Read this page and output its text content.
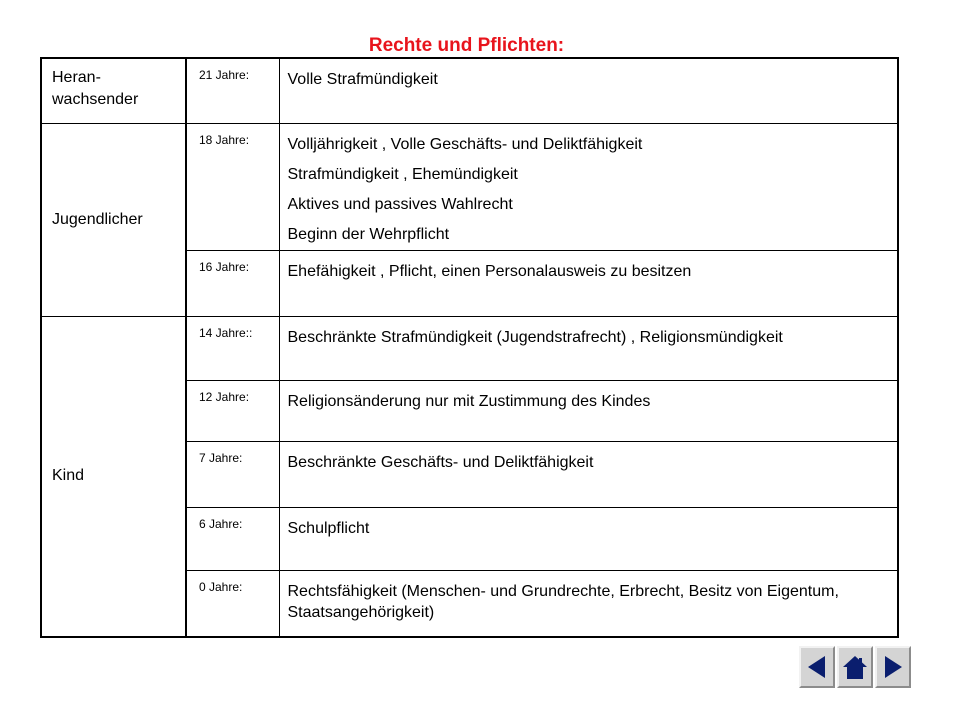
Rechte und Pflichten:
Heran-
wachsender	21 Jahre:	Volle Strafmündigkeit

Jugendlicher	18 Jahre:	Volljährigkeit , Volle Geschäfts- und Deliktfähigkeit
Strafmündigkeit , Ehemündigkeit
Aktives und passives Wahlrecht
Beginn der Wehrpflicht

	16 Jahre:	Ehefähigkeit , Pflicht, einen Personalausweis zu besitzen

Kind	14 Jahre::	Beschränkte Strafmündigkeit (Jugendstrafrecht) , Religionsmündigkeit

	12 Jahre:	Religionsänderung nur mit Zustimmung des Kindes

	7 Jahre:	Beschränkte Geschäfts- und Deliktfähigkeit

	6 Jahre:	Schulpflicht

	0 Jahre:	Rechtsfähigkeit (Menschen- und Grundrechte, Erbrecht, Besitz von Eigentum, Staatsangehörigkeit)
